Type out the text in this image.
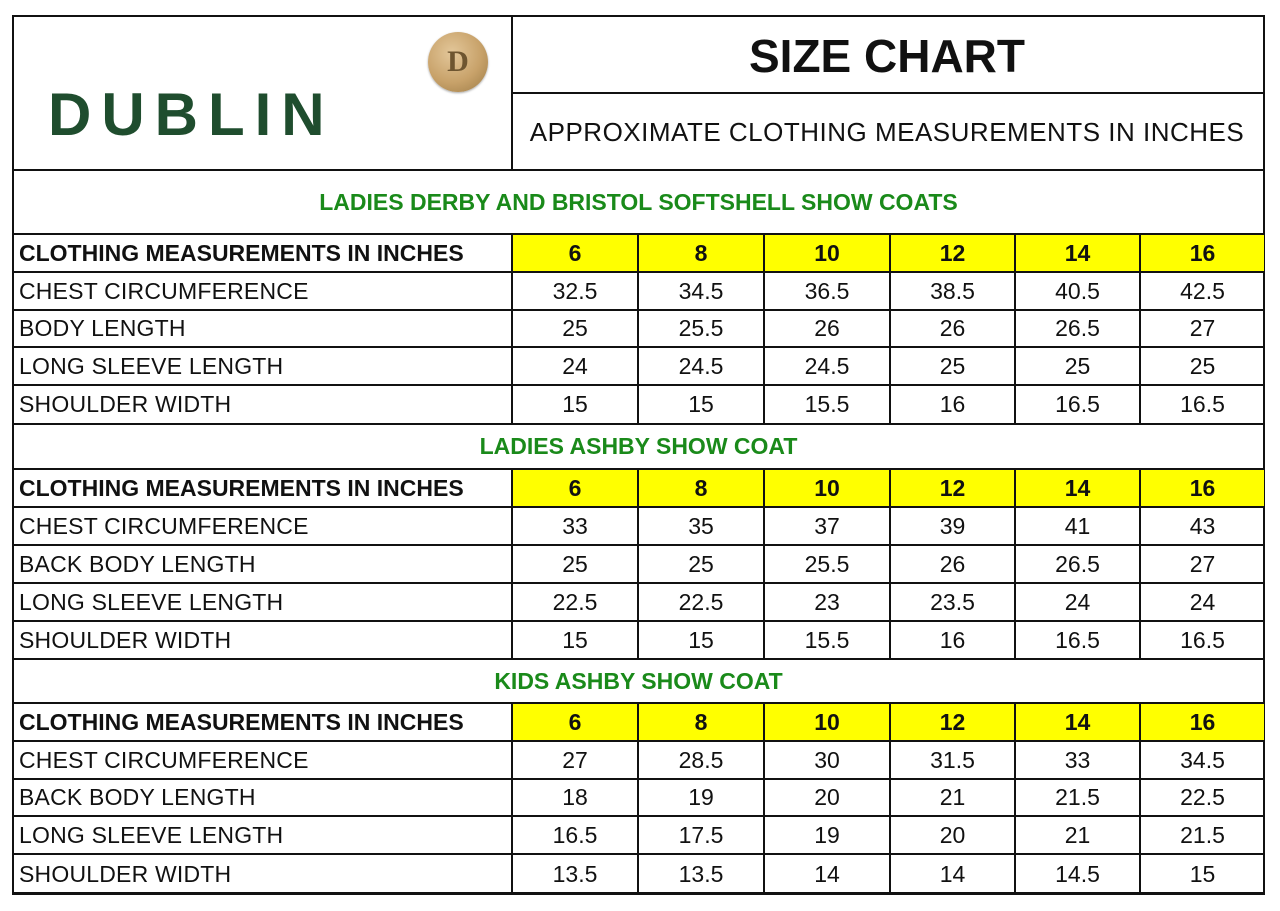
DUBLIN
D	SIZE CHART
APPROXIMATE CLOTHING MEASUREMENTS IN INCHES
LADIES DERBY AND BRISTOL SOFTSHELL SHOW COATS
CLOTHING MEASUREMENTS IN INCHES	6	8	10	12	14	16
CHEST CIRCUMFERENCE	32.5	34.5	36.5	38.5	40.5	42.5
BODY LENGTH	25	25.5	26	26	26.5	27
LONG SLEEVE LENGTH	24	24.5	24.5	25	25	25
SHOULDER WIDTH	15	15	15.5	16	16.5	16.5
LADIES ASHBY SHOW COAT
CLOTHING MEASUREMENTS IN INCHES	6	8	10	12	14	16
CHEST CIRCUMFERENCE	33	35	37	39	41	43
BACK BODY LENGTH	25	25	25.5	26	26.5	27
LONG SLEEVE LENGTH	22.5	22.5	23	23.5	24	24
SHOULDER WIDTH	15	15	15.5	16	16.5	16.5
KIDS ASHBY SHOW COAT
CLOTHING MEASUREMENTS IN INCHES	6	8	10	12	14	16
CHEST CIRCUMFERENCE	27	28.5	30	31.5	33	34.5
BACK BODY LENGTH	18	19	20	21	21.5	22.5
LONG SLEEVE LENGTH	16.5	17.5	19	20	21	21.5
SHOULDER WIDTH	13.5	13.5	14	14	14.5	15
